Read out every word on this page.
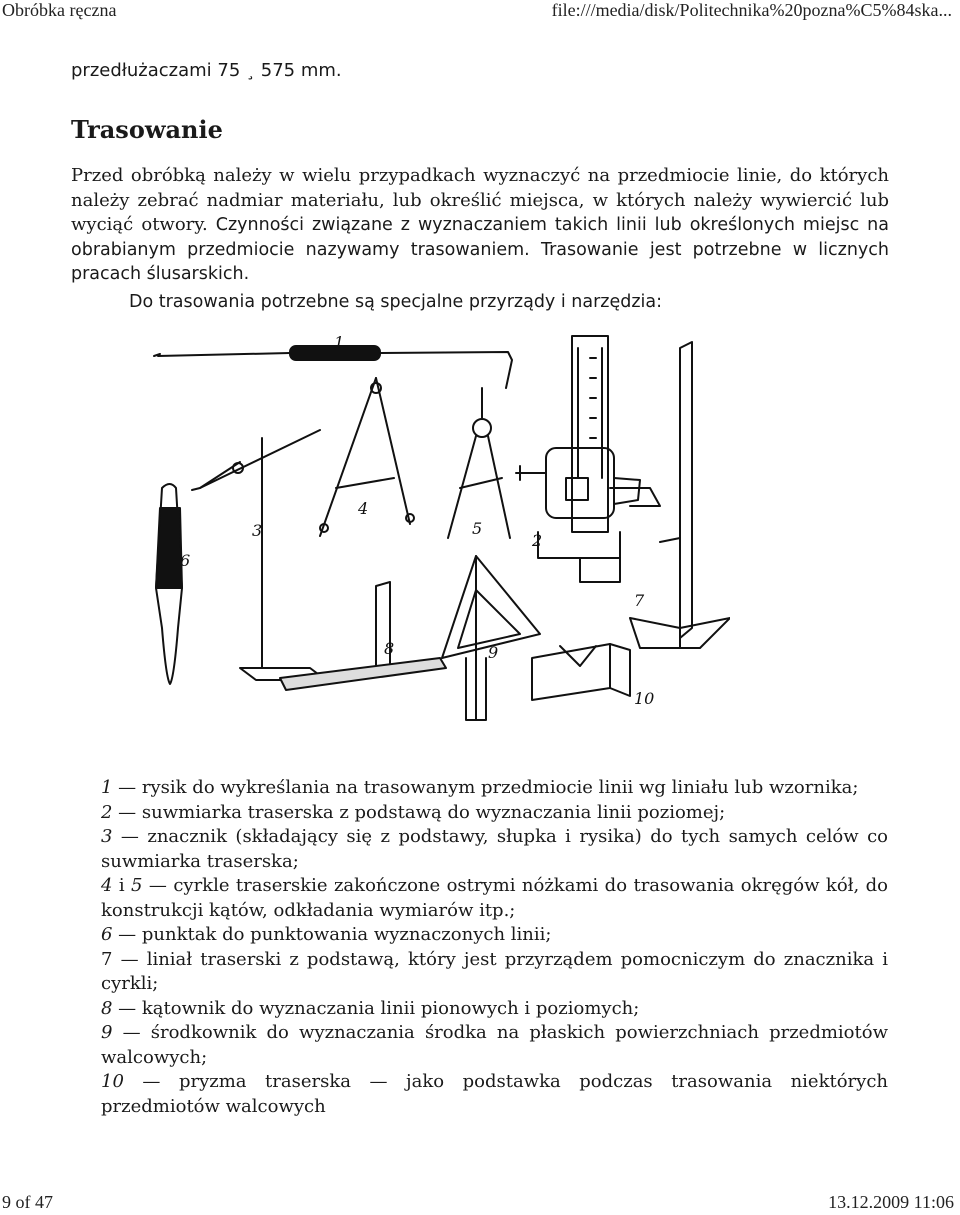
Obróbka ręczna	file:///media/disk/Politechnika%20pozna%C5%84ska...

przedłużaczami 75 ¸ 575 mm.

Trasowanie

Przed obróbką należy w wielu przypadkach wyznaczyć na przedmiocie linie, do których należy zebrać nadmiar materiału, lub określić miejsca, w których należy wywiercić lub wyciąć otwory. Czynności związane z wyznaczaniem takich linii lub określonych miejsc na obrabianym przedmiocie nazywamy trasowaniem. Trasowanie jest potrzebne w licznych pracach ślusarskich.

Do trasowania potrzebne są specjalne przyrządy i narzędzia:

1
2
3
4
5
6
7
8	9
10
1 — rysik do wykreślania na trasowanym przedmiocie linii wg liniału lub wzornika;
2 — suwmiarka traserska z podstawą do wyznaczania linii poziomej;
3 — znacznik (składający się z podstawy, słupka i rysika) do tych samych celów co suwmiarka traserska;
4 i 5 — cyrkle traserskie zakończone ostrymi nóżkami do trasowania okręgów kół, do konstrukcji kątów, odkładania wymiarów itp.;
6 — punktak do punktowania wyznaczonych linii;
7 — liniał traserski z podstawą, który jest przyrządem pomocniczym do znacznika i cyrkli;
8 — kątownik do wyznaczania linii pionowych i poziomych;
9 — środkownik do wyznaczania środka na płaskich powierzchniach przedmiotów walcowych;
10 — pryzma traserska — jako podstawka podczas trasowania niektórych przedmiotów walcowych
9 of 47	13.12.2009 11:06
